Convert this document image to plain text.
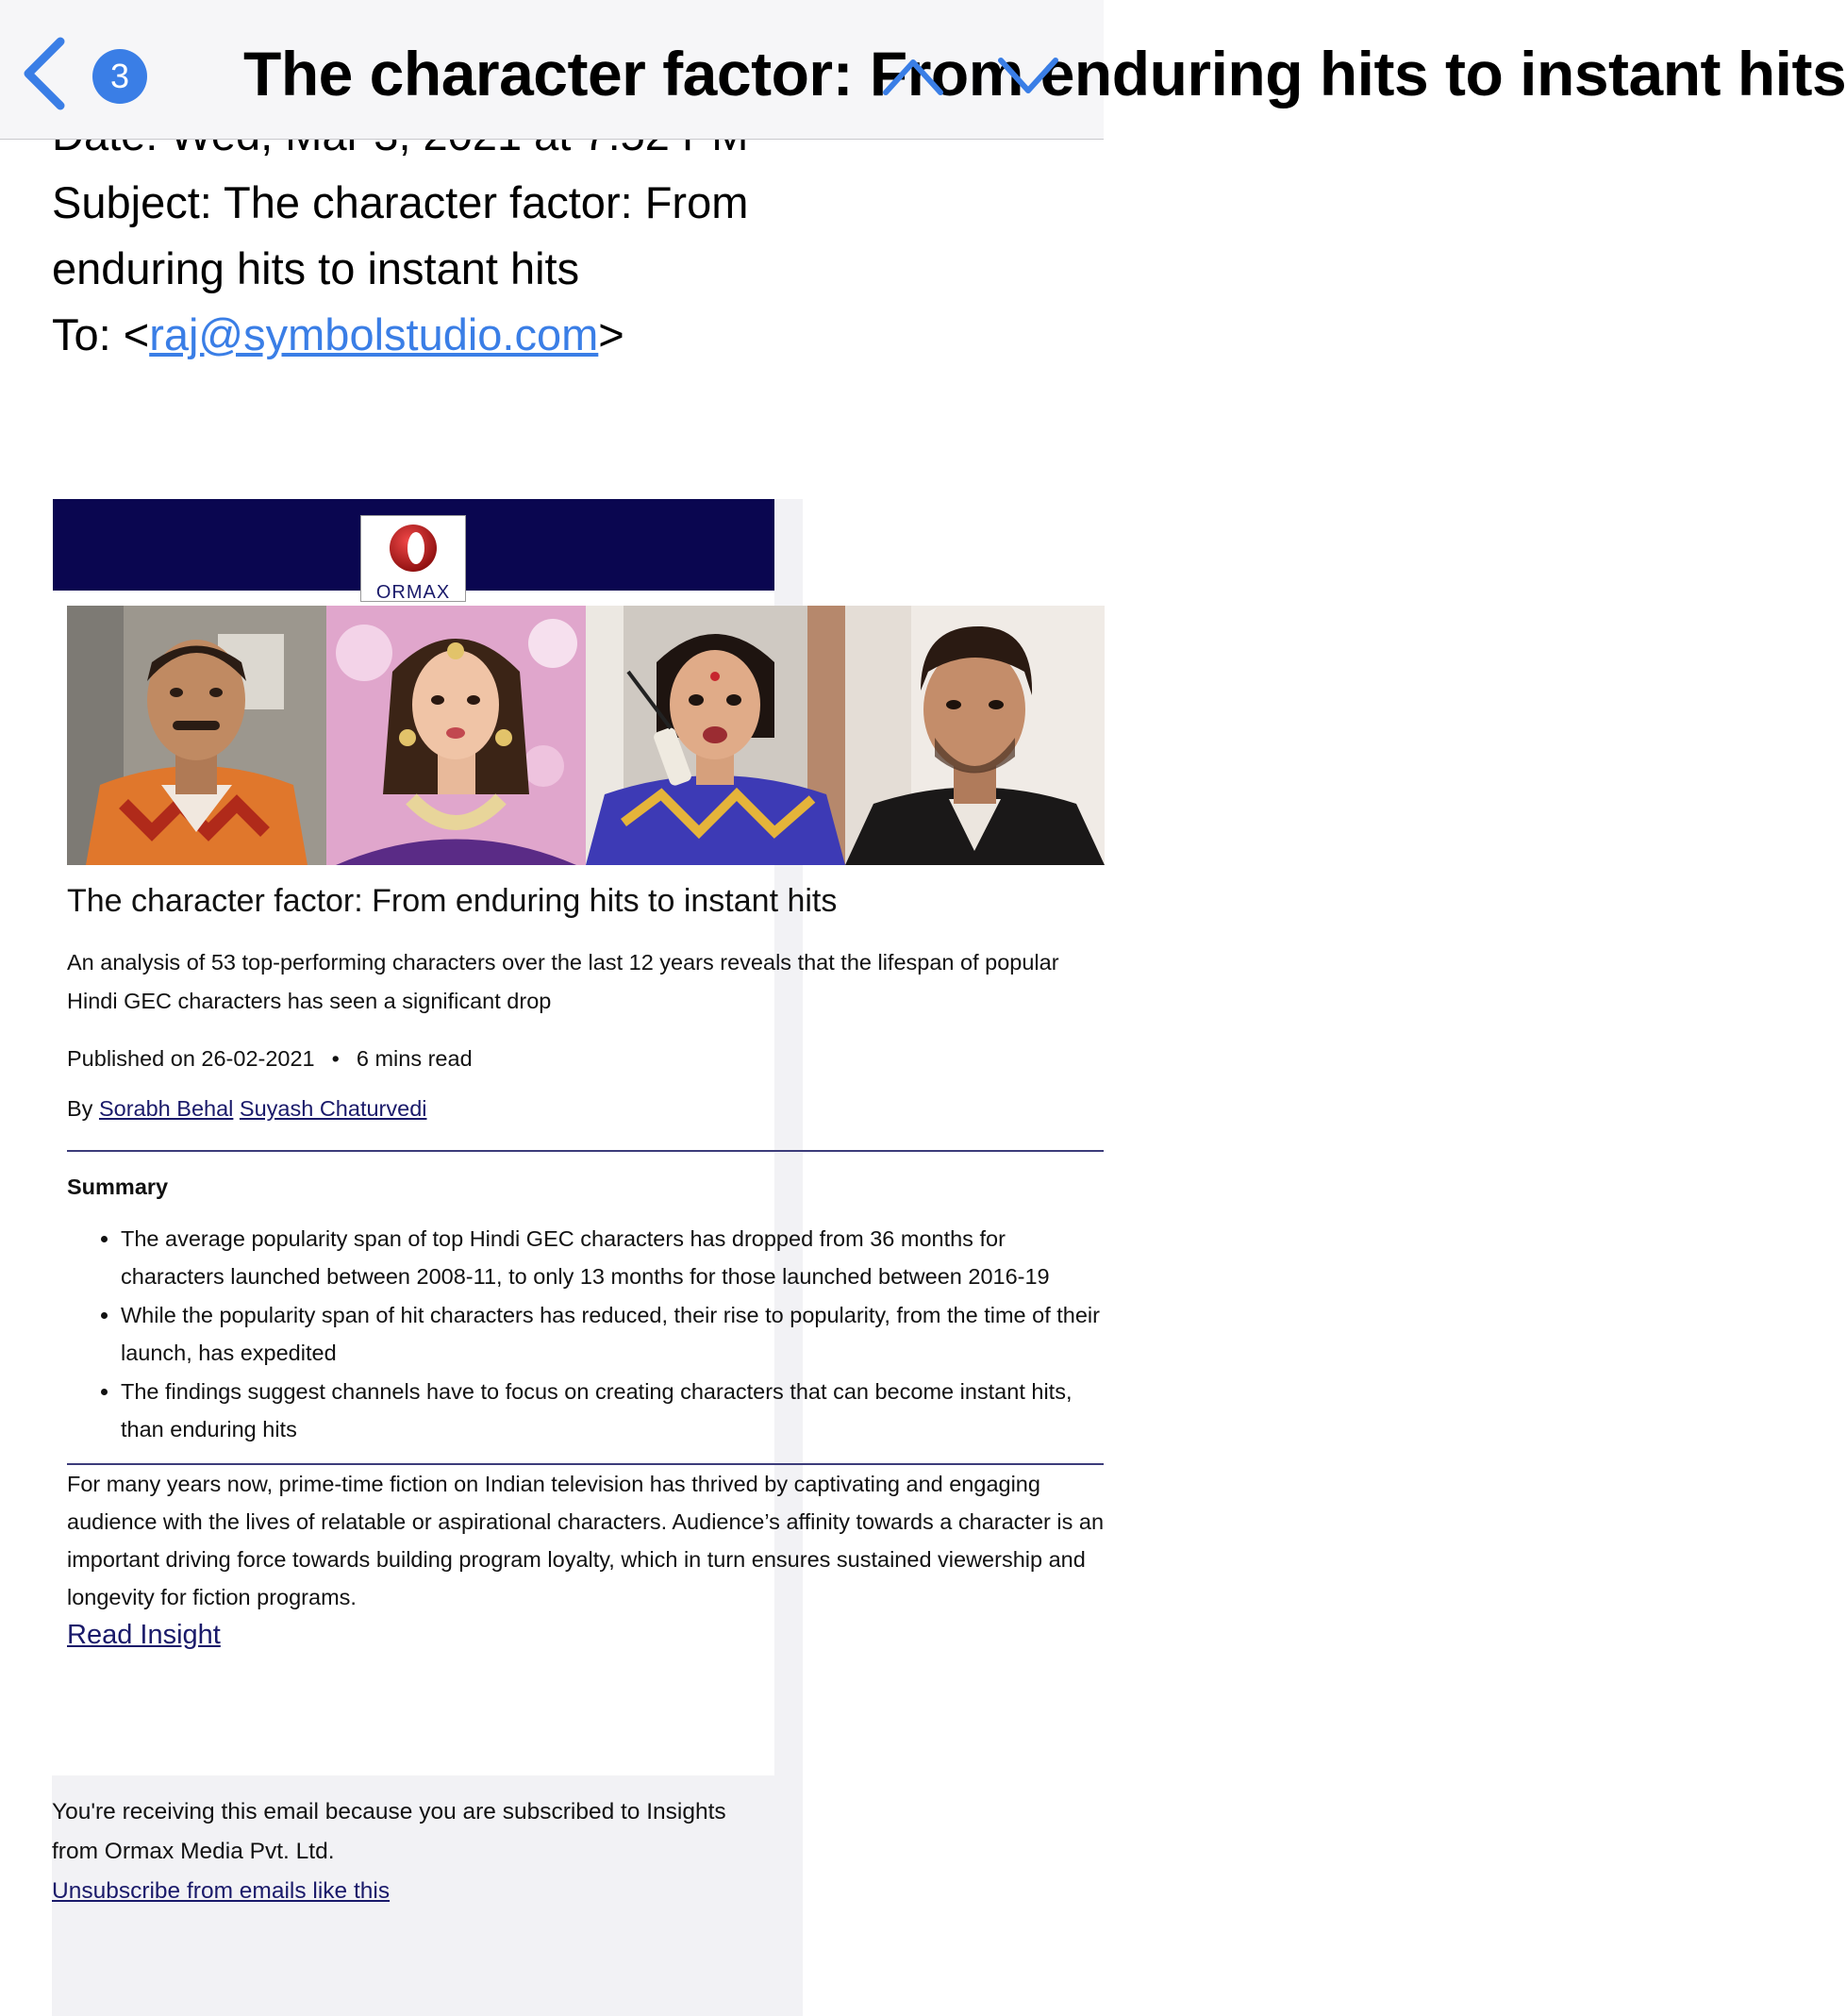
3 The character factor: From enduring hits to instant hits
Subject: The character factor: From enduring hits to instant hits
To: <raj@symbolstudio.com>
ORMAX
The character factor: From enduring hits to instant hits
An analysis of 53 top-performing characters over the last 12 years reveals that the lifespan of popular Hindi GEC characters has seen a significant drop
Published on 26-02-2021 • 6 mins read
By Sorabh Behal Suyash Chaturvedi
Summary
• The average popularity span of top Hindi GEC characters has dropped from 36 months for characters launched between 2008-11, to only 13 months for those launched between 2016-19
• While the popularity span of hit characters has reduced, their rise to popularity, from the time of their launch, has expedited
• The findings suggest channels have to focus on creating characters that can become instant hits, than enduring hits
For many years now, prime-time fiction on Indian television has thrived by captivating and engaging audience with the lives of relatable or aspirational characters. Audience’s affinity towards a character is an important driving force towards building program loyalty, which in turn ensures sustained viewership and longevity for fiction programs.
Read Insight
You're receiving this email because you are subscribed to Insights from Ormax Media Pvt. Ltd.
Unsubscribe from emails like this
